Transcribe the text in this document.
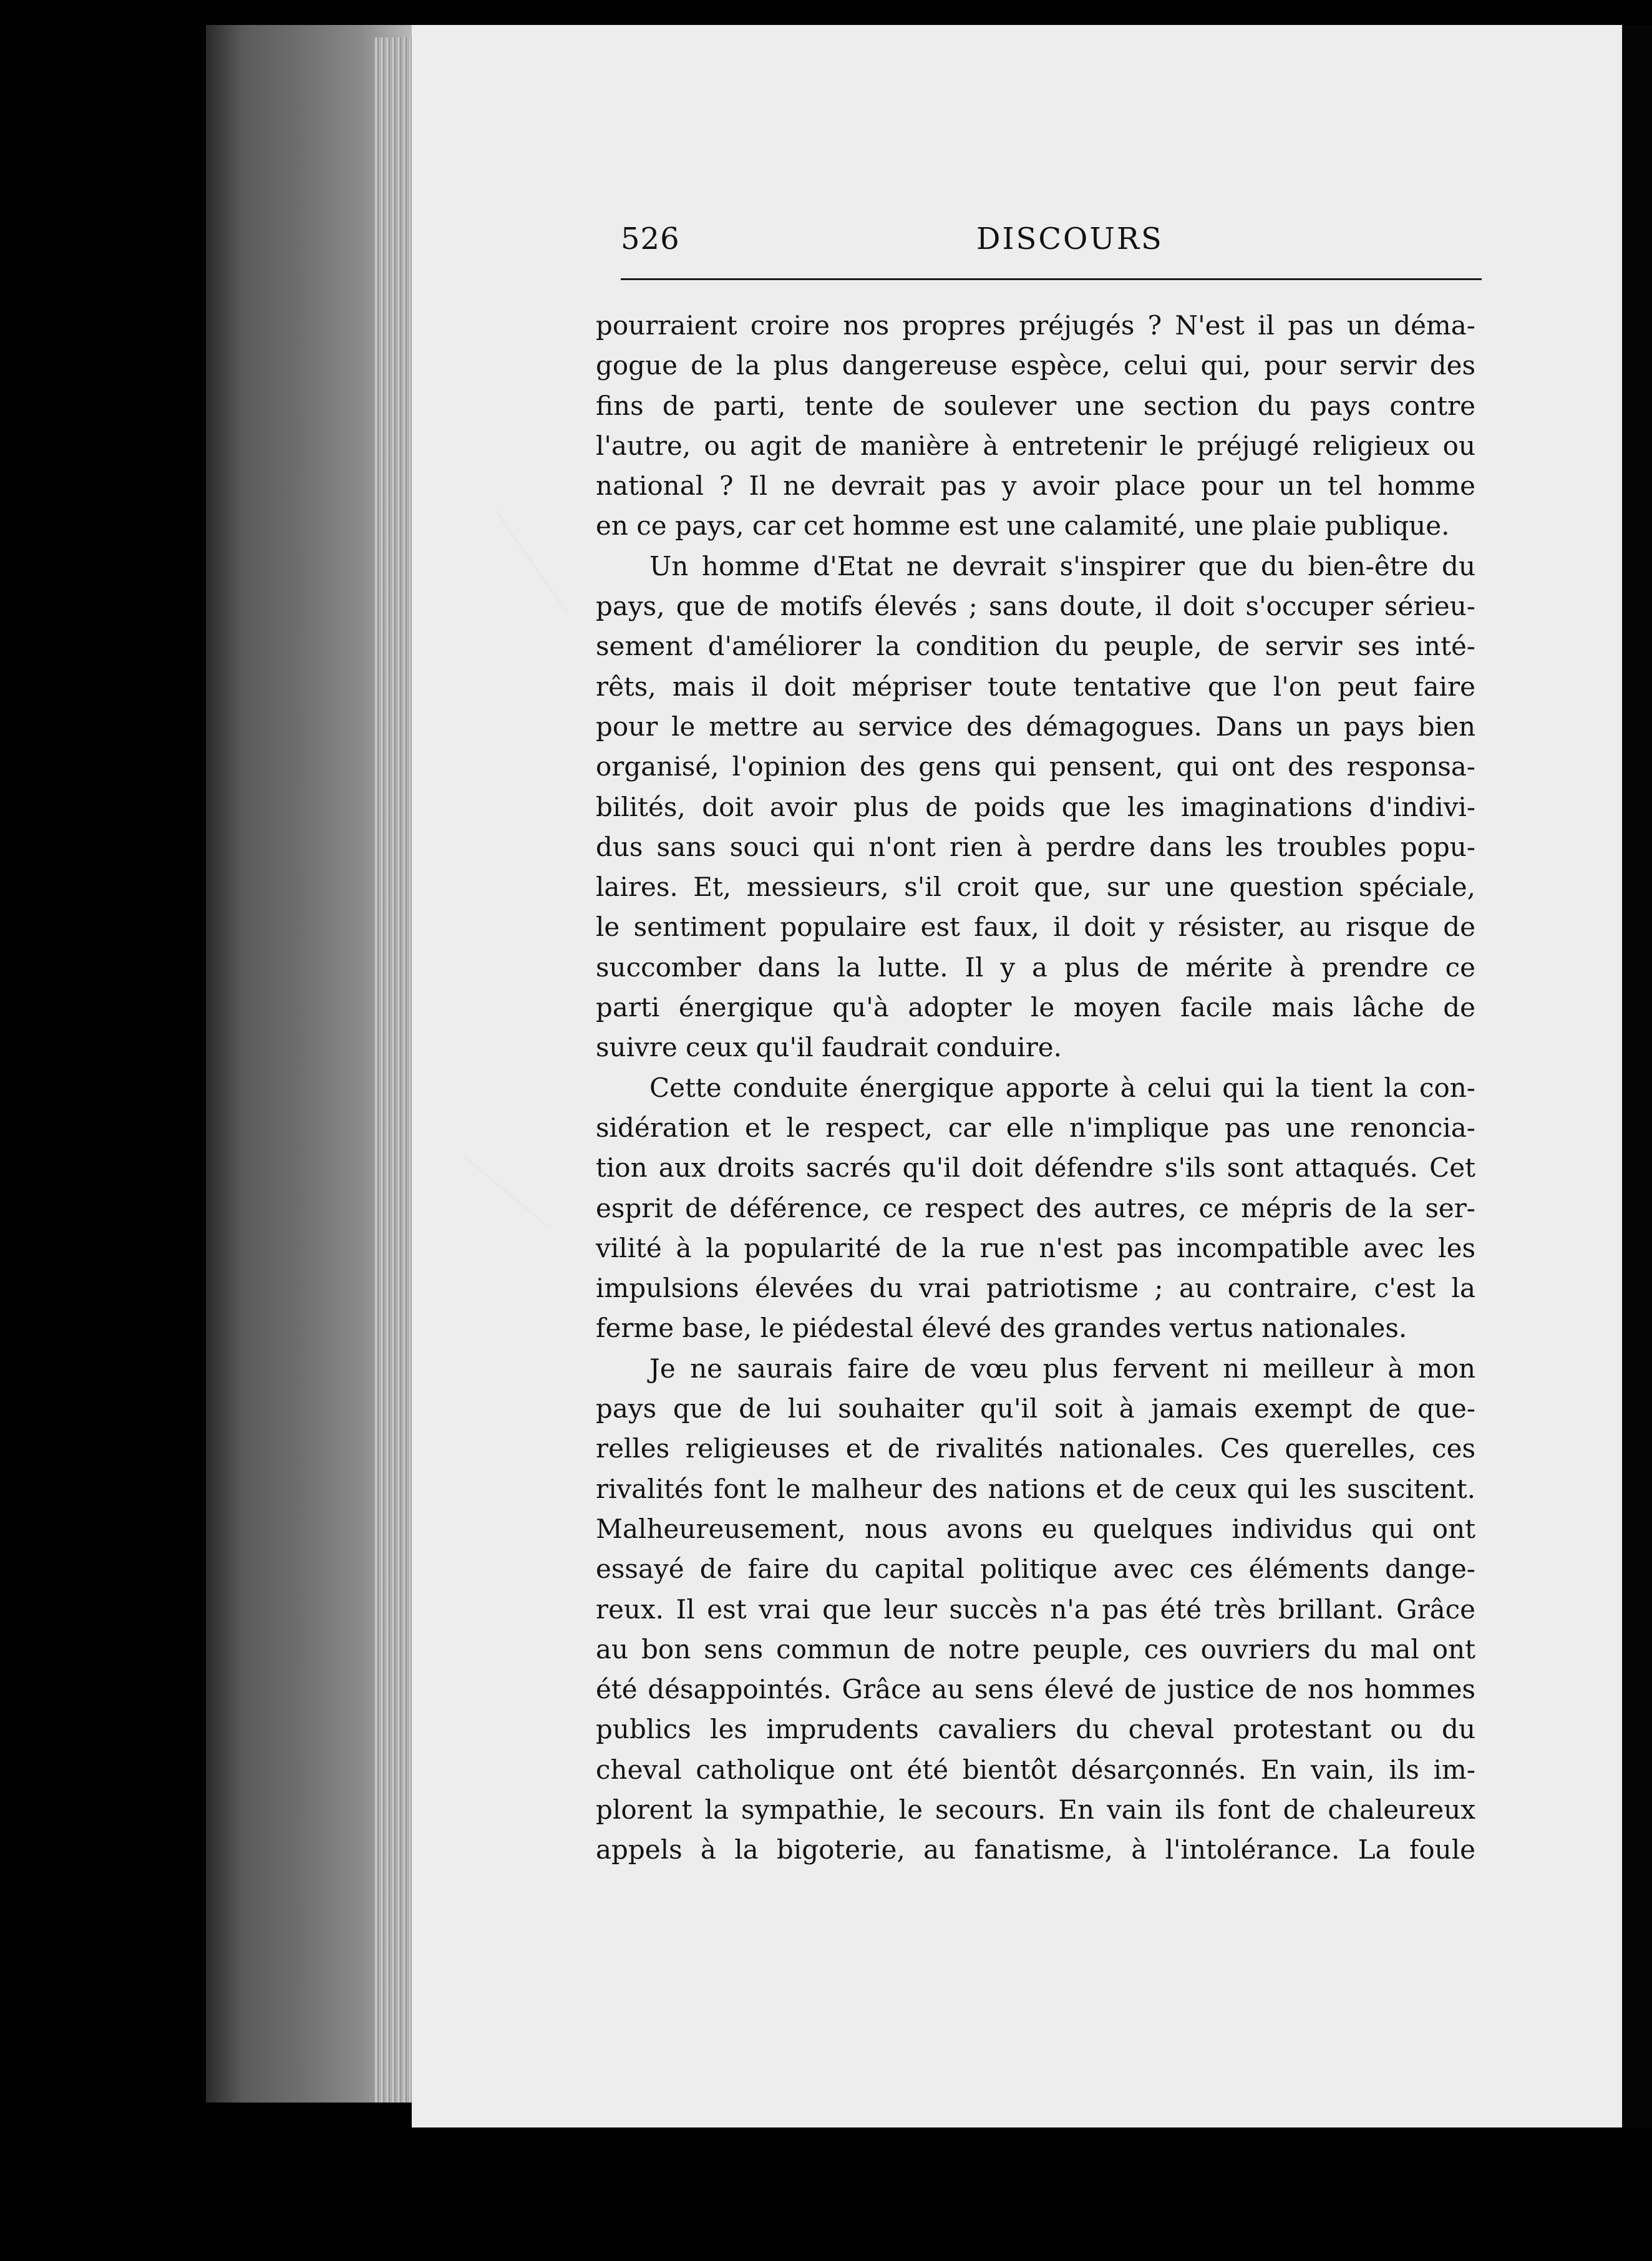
526	DISCOURS
pourraient croire nos propres préjugés ? N'est il pas un déma-
gogue de la plus dangereuse espèce, celui qui, pour servir des
fins de parti, tente de soulever une section du pays contre
l'autre, ou agit de manière à entretenir le préjugé religieux ou
national ? Il ne devrait pas y avoir place pour un tel homme
en ce pays, car cet homme est une calamité, une plaie publique.
Un homme d'Etat ne devrait s'inspirer que du bien-être du
pays, que de motifs élevés ; sans doute, il doit s'occuper sérieu-
sement d'améliorer la condition du peuple, de servir ses inté-
rêts, mais il doit mépriser toute tentative que l'on peut faire
pour le mettre au service des démagogues. Dans un pays bien
organisé, l'opinion des gens qui pensent, qui ont des responsa-
bilités, doit avoir plus de poids que les imaginations d'indivi-
dus sans souci qui n'ont rien à perdre dans les troubles popu-
laires. Et, messieurs, s'il croit que, sur une question spéciale,
le sentiment populaire est faux, il doit y résister, au risque de
succomber dans la lutte. Il y a plus de mérite à prendre ce
parti énergique qu'à adopter le moyen facile mais lâche de
suivre ceux qu'il faudrait conduire.
Cette conduite énergique apporte à celui qui la tient la con-
sidération et le respect, car elle n'implique pas une renoncia-
tion aux droits sacrés qu'il doit défendre s'ils sont attaqués. Cet
esprit de déférence, ce respect des autres, ce mépris de la ser-
vilité à la popularité de la rue n'est pas incompatible avec les
impulsions élevées du vrai patriotisme ; au contraire, c'est la
ferme base, le piédestal élevé des grandes vertus nationales.
Je ne saurais faire de vœu plus fervent ni meilleur à mon
pays que de lui souhaiter qu'il soit à jamais exempt de que-
relles religieuses et de rivalités nationales. Ces querelles, ces
rivalités font le malheur des nations et de ceux qui les suscitent.
Malheureusement, nous avons eu quelques individus qui ont
essayé de faire du capital politique avec ces éléments dange-
reux. Il est vrai que leur succès n'a pas été très brillant. Grâce
au bon sens commun de notre peuple, ces ouvriers du mal ont
été désappointés. Grâce au sens élevé de justice de nos hommes
publics les imprudents cavaliers du cheval protestant ou du
cheval catholique ont été bientôt désarçonnés. En vain, ils im-
plorent la sympathie, le secours. En vain ils font de chaleureux
appels à la bigoterie, au fanatisme, à l'intolérance. La foule
